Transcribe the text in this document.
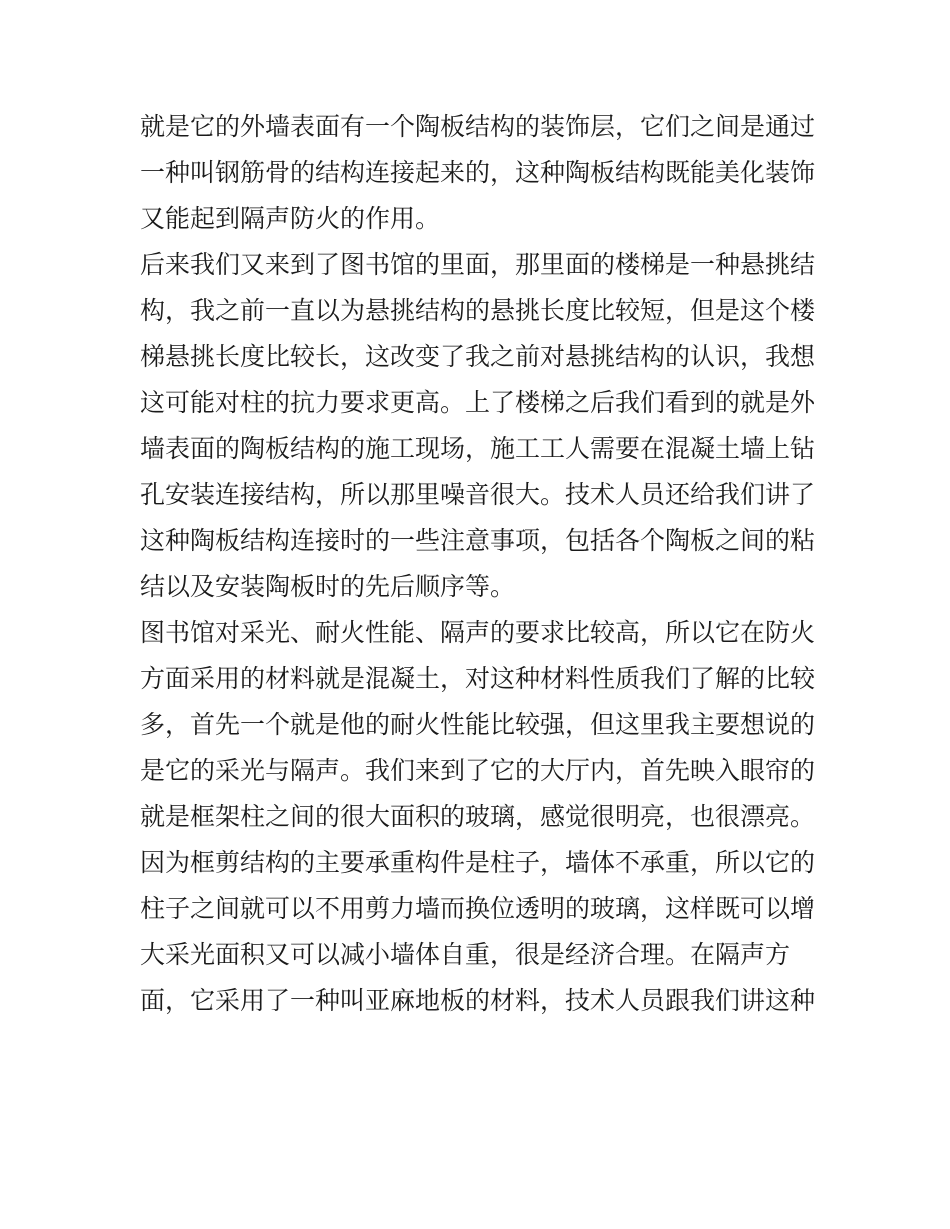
就是它的外墙表面有一个陶板结构的装饰层，它们之间是通过
一种叫钢筋骨的结构连接起来的，这种陶板结构既能美化装饰
又能起到隔声防火的作用。
后来我们又来到了图书馆的里面，那里面的楼梯是一种悬挑结
构，我之前一直以为悬挑结构的悬挑长度比较短，但是这个楼
梯悬挑长度比较长，这改变了我之前对悬挑结构的认识，我想
这可能对柱的抗力要求更高。上了楼梯之后我们看到的就是外
墙表面的陶板结构的施工现场，施工工人需要在混凝土墙上钻
孔安装连接结构，所以那里噪音很大。技术人员还给我们讲了
这种陶板结构连接时的一些注意事项，包括各个陶板之间的粘
结以及安装陶板时的先后顺序等。
图书馆对采光、耐火性能、隔声的要求比较高，所以它在防火
方面采用的材料就是混凝土，对这种材料性质我们了解的比较
多，首先一个就是他的耐火性能比较强，但这里我主要想说的
是它的采光与隔声。我们来到了它的大厅内，首先映入眼帘的
就是框架柱之间的很大面积的玻璃，感觉很明亮，也很漂亮。
因为框剪结构的主要承重构件是柱子，墙体不承重，所以它的
柱子之间就可以不用剪力墙而换位透明的玻璃，这样既可以增
大采光面积又可以减小墙体自重，很是经济合理。在隔声方
面，它采用了一种叫亚麻地板的材料，技术人员跟我们讲这种
